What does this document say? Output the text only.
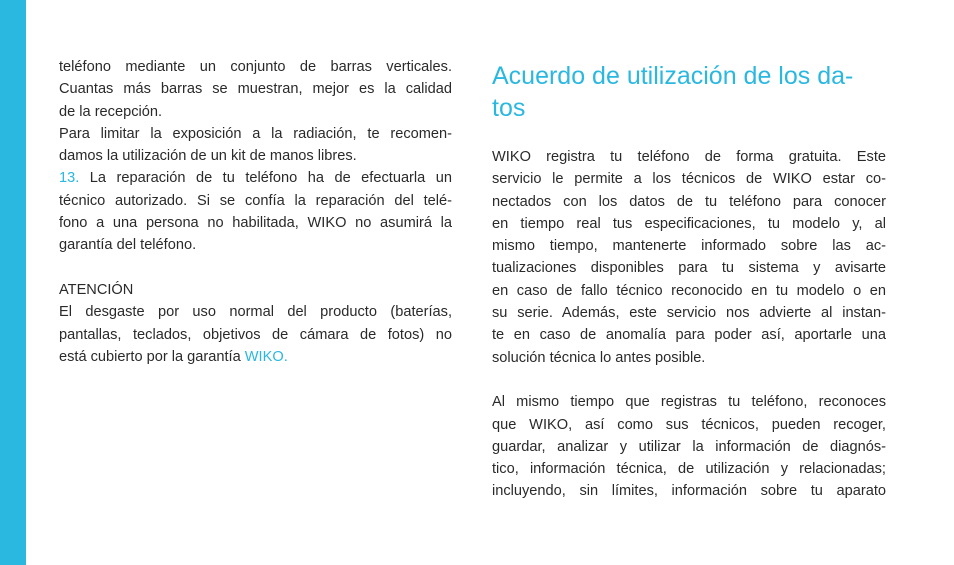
teléfono mediante un conjunto de barras verticales.
Cuantas más barras se muestran, mejor es la calidad
de la recepción.
Para limitar la exposición a la radiación, te recomen-
damos la utilización de un kit de manos libres.
13. La reparación de tu teléfono ha de efectuarla un
técnico autorizado. Si se confía la reparación del telé-
fono a una persona no habilitada, WIKO no asumirá la
garantía del teléfono.
ATENCIÓN
El desgaste por uso normal del producto (baterías,
pantallas, teclados, objetivos de cámara de fotos) no
está cubierto por la garantía WIKO.
Acuerdo de utilización de los da-
tos
WIKO registra tu teléfono de forma gratuita. Este
servicio le permite a los técnicos de WIKO estar co-
nectados con los datos de tu teléfono para conocer
en tiempo real tus especificaciones, tu modelo y, al
mismo tiempo, mantenerte informado sobre las ac-
tualizaciones disponibles para tu sistema y avisarte
en caso de fallo técnico reconocido en tu modelo o en
su serie. Además, este servicio nos advierte al instan-
te en caso de anomalía para poder así, aportarle una
solución técnica lo antes posible.
Al mismo tiempo que registras tu teléfono, reconoces
que WIKO, así como sus técnicos, pueden recoger,
guardar, analizar y utilizar la información de diagnós-
tico, información técnica, de utilización y relacionadas;
incluyendo, sin límites, información sobre tu aparato
